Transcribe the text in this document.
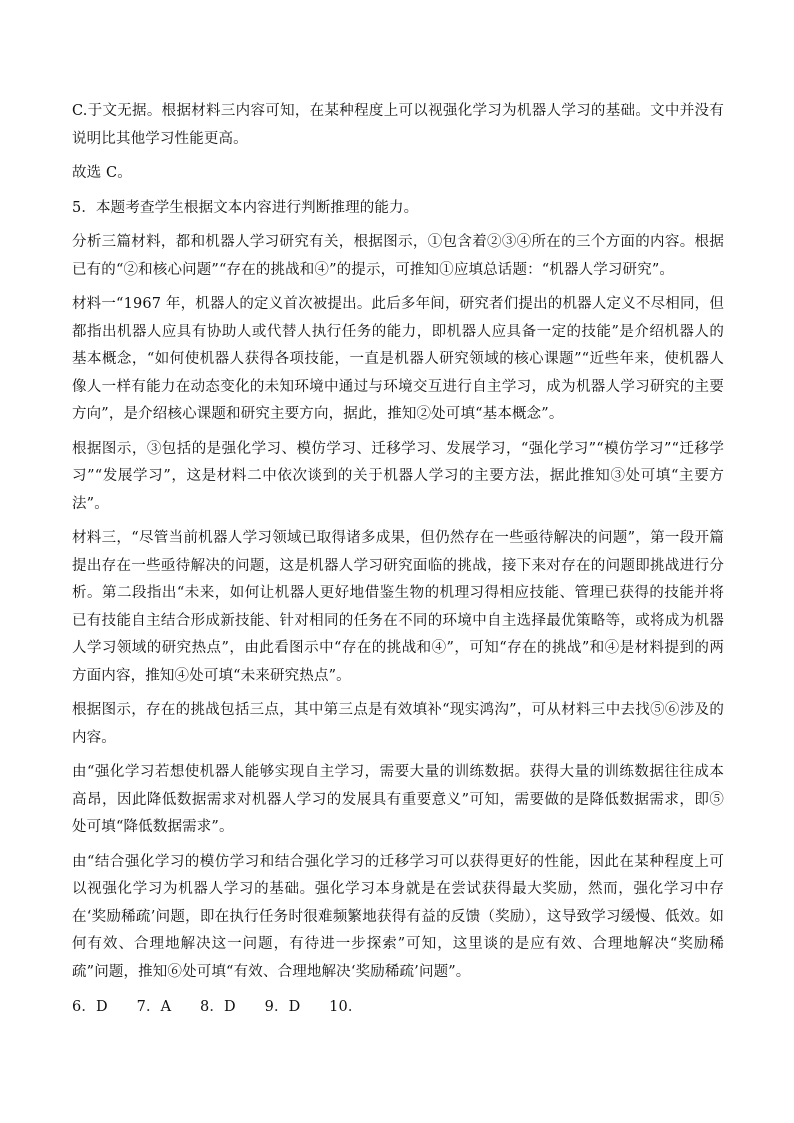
C.于文无据。根据材料三内容可知，在某种程度上可以视强化学习为机器人学习的基础。文中并没有说明比其他学习性能更高。

故选 C。

5．本题考查学生根据文本内容进行判断推理的能力。

分析三篇材料，都和机器人学习研究有关，根据图示，①包含着②③④所在的三个方面的内容。根据已有的“②和核心问题”“存在的挑战和④”的提示，可推知①应填总话题：“机器人学习研究”。

材料一“1967 年，机器人的定义首次被提出。此后多年间，研究者们提出的机器人定义不尽相同，但都指出机器人应具有协助人或代替人执行任务的能力，即机器人应具备一定的技能”是介绍机器人的基本概念，“如何使机器人获得各项技能，一直是机器人研究领域的核心课题”“近些年来，使机器人像人一样有能力在动态变化的未知环境中通过与环境交互进行自主学习，成为机器人学习研究的主要方向”，是介绍核心课题和研究主要方向，据此，推知②处可填“基本概念”。

根据图示，③包括的是强化学习、模仿学习、迁移学习、发展学习，“强化学习”“模仿学习”“迁移学习”“发展学习”，这是材料二中依次谈到的关于机器人学习的主要方法，据此推知③处可填“主要方法”。

材料三，“尽管当前机器人学习领域已取得诸多成果，但仍然存在一些亟待解决的问题”，第一段开篇提出存在一些亟待解决的问题，这是机器人学习研究面临的挑战，接下来对存在的问题即挑战进行分析。第二段指出“未来，如何让机器人更好地借鉴生物的机理习得相应技能、管理已获得的技能并将已有技能自主结合形成新技能、针对相同的任务在不同的环境中自主选择最优策略等，或将成为机器人学习领域的研究热点”，由此看图示中“存在的挑战和④”，可知“存在的挑战”和④是材料提到的两方面内容，推知④处可填“未来研究热点”。

根据图示，存在的挑战包括三点，其中第三点是有效填补“现实鸿沟”，可从材料三中去找⑤⑥涉及的内容。

由“强化学习若想使机器人能够实现自主学习，需要大量的训练数据。获得大量的训练数据往往成本高昂，因此降低数据需求对机器人学习的发展具有重要意义”可知，需要做的是降低数据需求，即⑤处可填“降低数据需求”。

由“结合强化学习的模仿学习和结合强化学习的迁移学习可以获得更好的性能，因此在某种程度上可以视强化学习为机器人学习的基础。强化学习本身就是在尝试获得最大奖励，然而，强化学习中存在‘奖励稀疏’问题，即在执行任务时很难频繁地获得有益的反馈（奖励），这导致学习缓慢、低效。如何有效、合理地解决这一问题，有待进一步探索”可知，这里谈的是应有效、合理地解决“奖励稀疏”问题，推知⑥处可填“有效、合理地解决‘奖励稀疏’问题”。

6．D 7．A 8．D 9．D 10．
